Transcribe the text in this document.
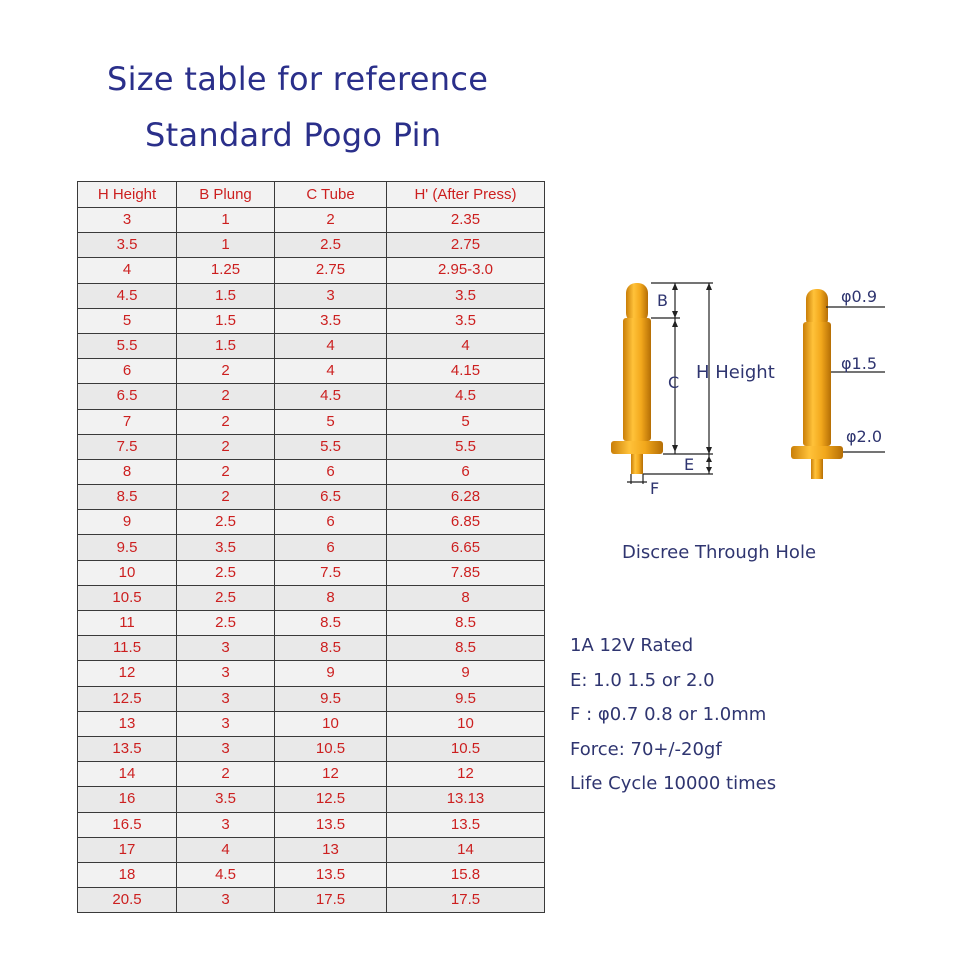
Size table for reference
Standard Pogo Pin
H Height	B Plung	C Tube	H' (After Press)
3	1	2	2.35
3.5	1	2.5	2.75
4	1.25	2.75	2.95-3.0
4.5	1.5	3	3.5
5	1.5	3.5	3.5
5.5	1.5	4	4
6	2	4	4.15
6.5	2	4.5	4.5
7	2	5	5
7.5	2	5.5	5.5
8	2	6	6
8.5	2	6.5	6.28
9	2.5	6	6.85
9.5	3.5	6	6.65
10	2.5	7.5	7.85
10.5	2.5	8	8
11	2.5	8.5	8.5
11.5	3	8.5	8.5
12	3	9	9
12.5	3	9.5	9.5
13	3	10	10
13.5	3	10.5	10.5
14	2	12	12
16	3.5	12.5	13.13
16.5	3	13.5	13.5
17	4	13	14
18	4.5	13.5	15.8
20.5	3	17.5	17.5
B
C
E
F
H Height
φ0.9
φ1.5
φ2.0
Discree Through Hole
1A 12V Rated
E: 1.0 1.5 or 2.0
F : φ0.7 0.8 or 1.0mm
Force: 70+/-20gf
Life Cycle 10000 times
